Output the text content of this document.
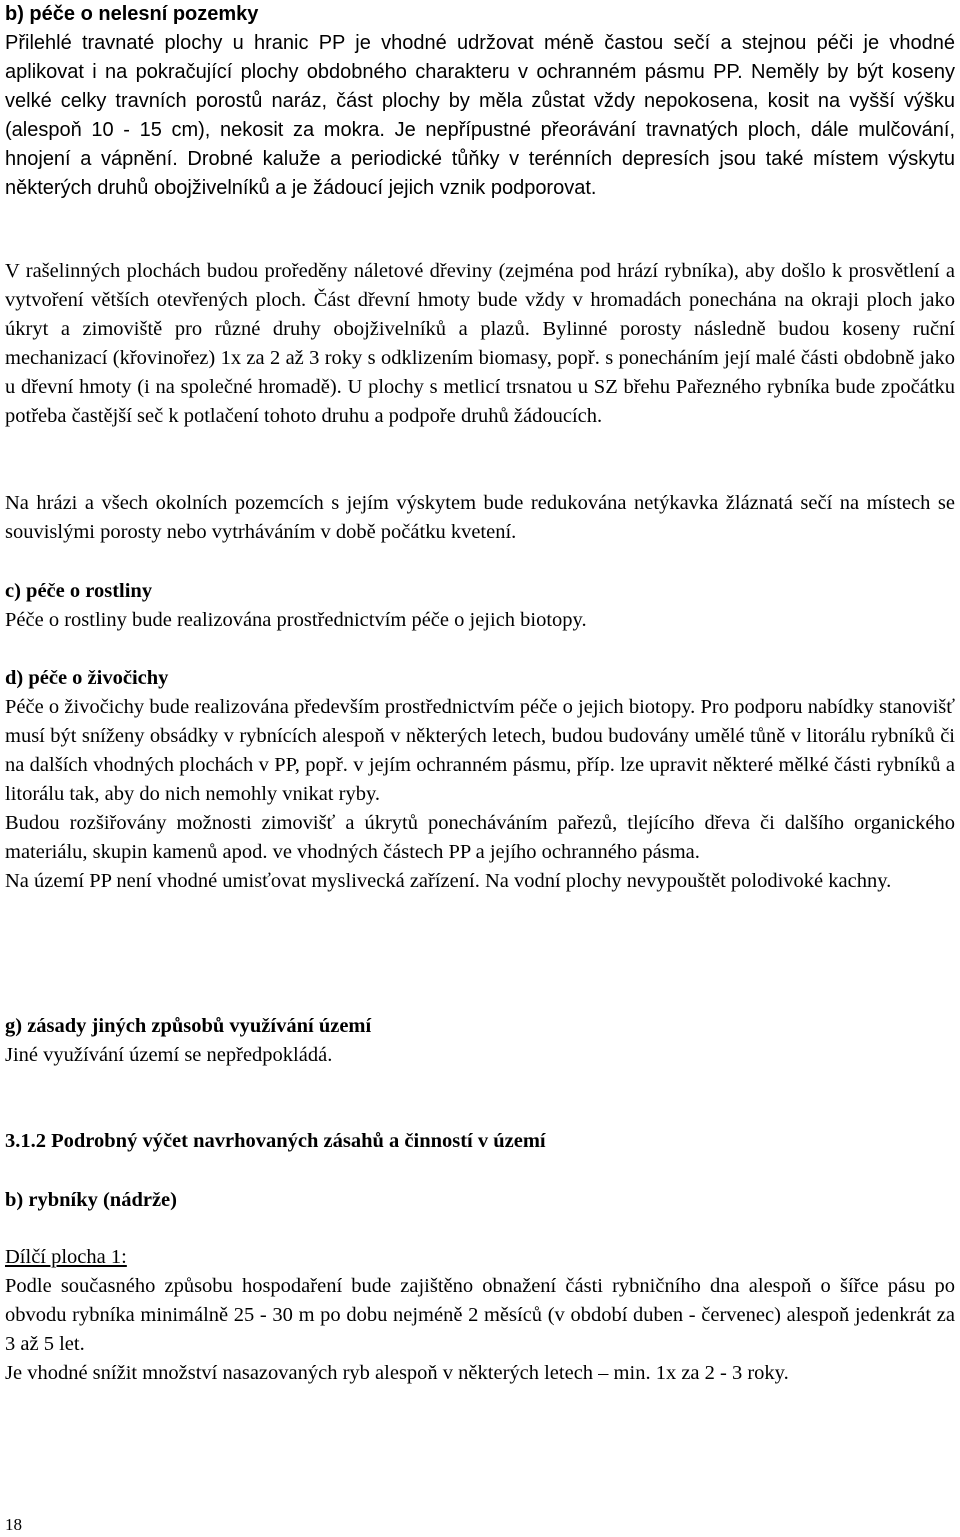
b) péče o nelesní pozemky

Přilehlé travnaté plochy u hranic PP je vhodné udržovat méně častou sečí a stejnou péči je vhodné aplikovat i na pokračující plochy obdobného charakteru v ochranném pásmu PP. Neměly by být koseny velké celky travních porostů naráz, část plochy by měla zůstat vždy nepokosena, kosit na vyšší výšku (alespoň 10 - 15 cm), nekosit za mokra. Je nepřípustné přeorávání travnatých ploch, dále mulčování, hnojení a vápnění. Drobné kaluže a periodické tůňky v terénních depresích jsou také místem výskytu některých druhů obojživelníků a je žádoucí jejich vznik podporovat.

V rašelinných plochách budou proředěny náletové dřeviny (zejména pod hrází rybníka), aby došlo k prosvětlení a vytvoření větších otevřených ploch. Část dřevní hmoty bude vždy v hromadách ponechána na okraji ploch jako úkryt a zimoviště pro různé druhy obojživelníků a plazů. Bylinné porosty následně budou koseny ruční mechanizací (křovinořez) 1x za 2 až 3 roky s odklizením biomasy, popř. s ponecháním její malé části obdobně jako u dřevní hmoty (i na společné hromadě). U plochy s metlicí trsnatou u SZ břehu Pařezného rybníka bude zpočátku potřeba častější seč k potlačení tohoto druhu a podpoře druhů žádoucích.
Na hrázi a všech okolních pozemcích s jejím výskytem bude redukována netýkavka žláznatá sečí na místech se souvislými porosty nebo vytrháváním v době počátku kvetení.

c) péče o rostliny

Péče o rostliny bude realizována prostřednictvím péče o jejich biotopy.

d) péče o živočichy

Péče o živočichy bude realizována především prostřednictvím péče o jejich biotopy. Pro podporu nabídky stanovišť musí být sníženy obsádky v rybnících alespoň v některých letech, budou budovány umělé tůně v litorálu rybníků či na dalších vhodných plochách v PP, popř. v jejím ochranném pásmu, příp. lze upravit některé mělké části rybníků a litorálu tak, aby do nich nemohly vnikat ryby.

Budou rozšiřovány možnosti zimovišť a úkrytů ponecháváním pařezů, tlejícího dřeva či dalšího organického materiálu, skupin kamenů apod. ve vhodných částech PP a jejího ochranného pásma.

Na území PP není vhodné umisťovat myslivecká zařízení. Na vodní plochy nevypouštět polodivoké kachny.

g) zásady jiných způsobů využívání území

Jiné využívání území se nepředpokládá.

3.1.2 Podrobný výčet navrhovaných zásahů a činností v území
b) rybníky (nádrže)

Dílčí plocha 1:

Podle současného způsobu hospodaření bude zajištěno obnažení části rybničního dna alespoň o šířce pásu po obvodu rybníka minimálně 25 - 30 m po dobu nejméně 2 měsíců (v období duben - červenec) alespoň jedenkrát za 3 až 5 let.

Je vhodné snížit množství nasazovaných ryb alespoň v některých letech – min. 1x za 2 - 3 roky.

18
